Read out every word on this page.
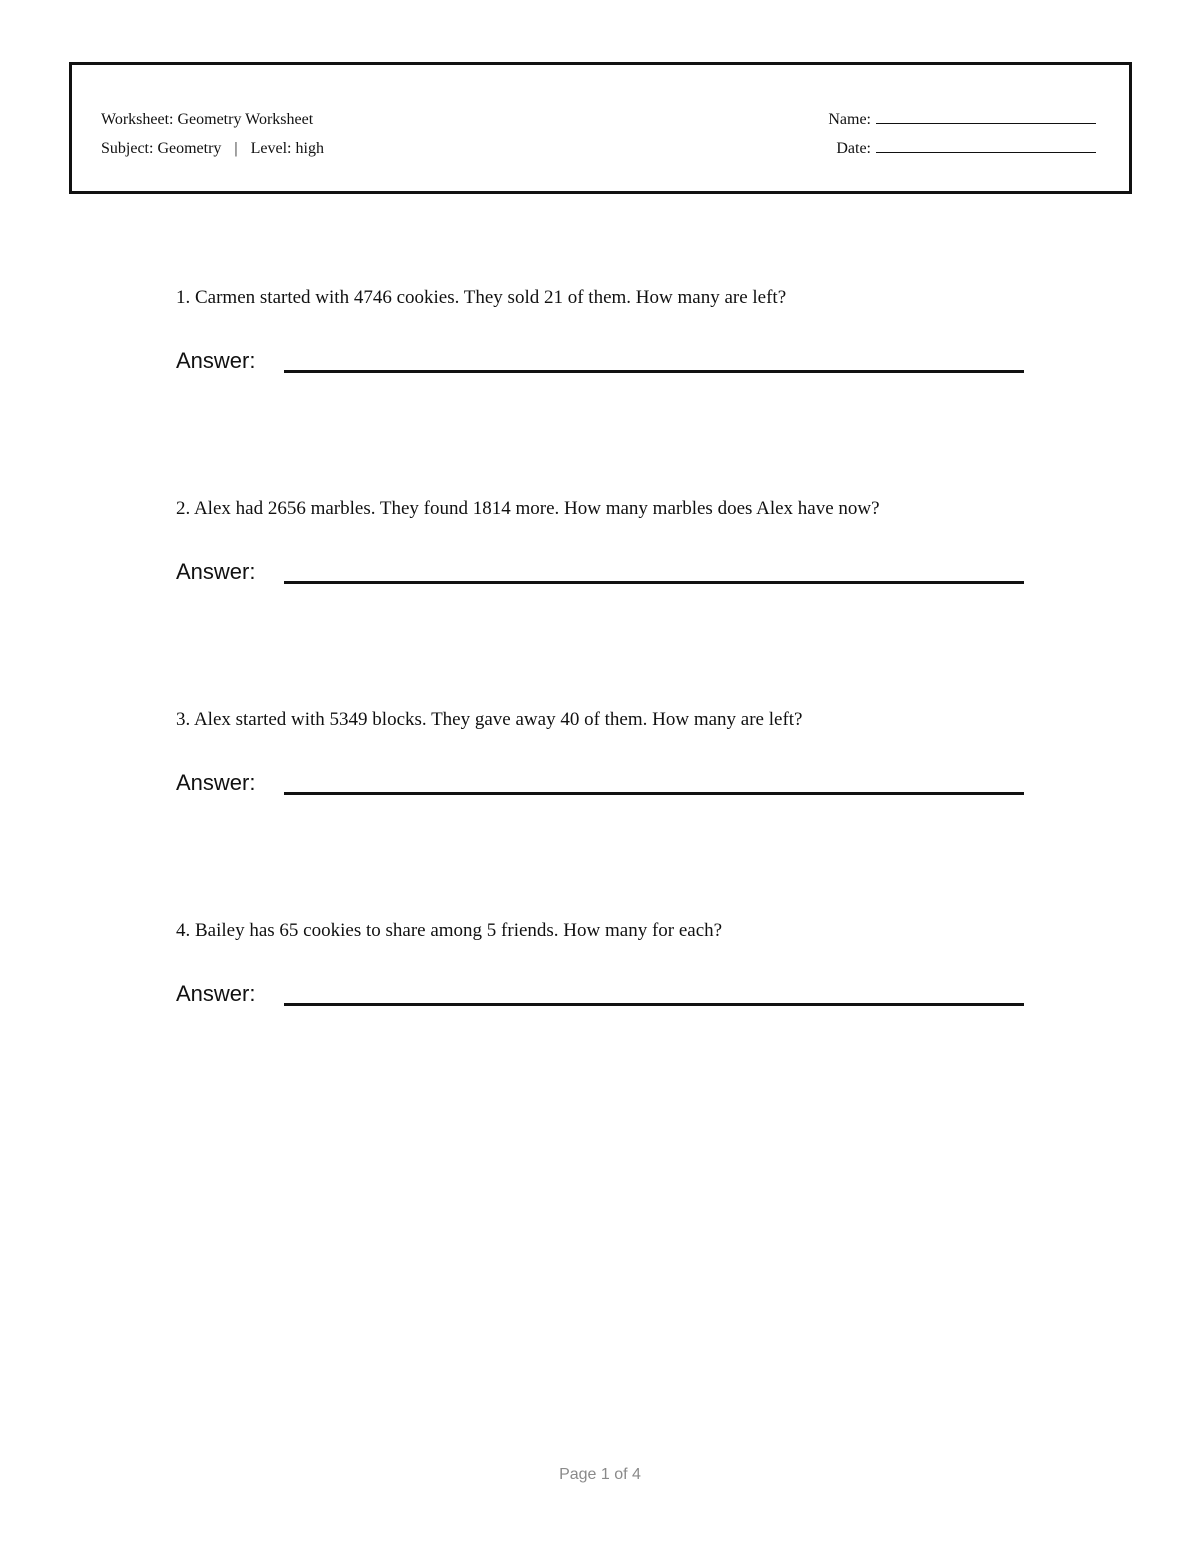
Worksheet: Geometry Worksheet
Subject: Geometry | Level: high
Name:
Date:

1. Carmen started with 4746 cookies. They sold 21 of them. How many are left?

Answer:

2. Alex had 2656 marbles. They found 1814 more. How many marbles does Alex have now?

Answer:

3. Alex started with 5349 blocks. They gave away 40 of them. How many are left?

Answer:

4. Bailey has 65 cookies to share among 5 friends. How many for each?

Answer:
Page 1 of 4
